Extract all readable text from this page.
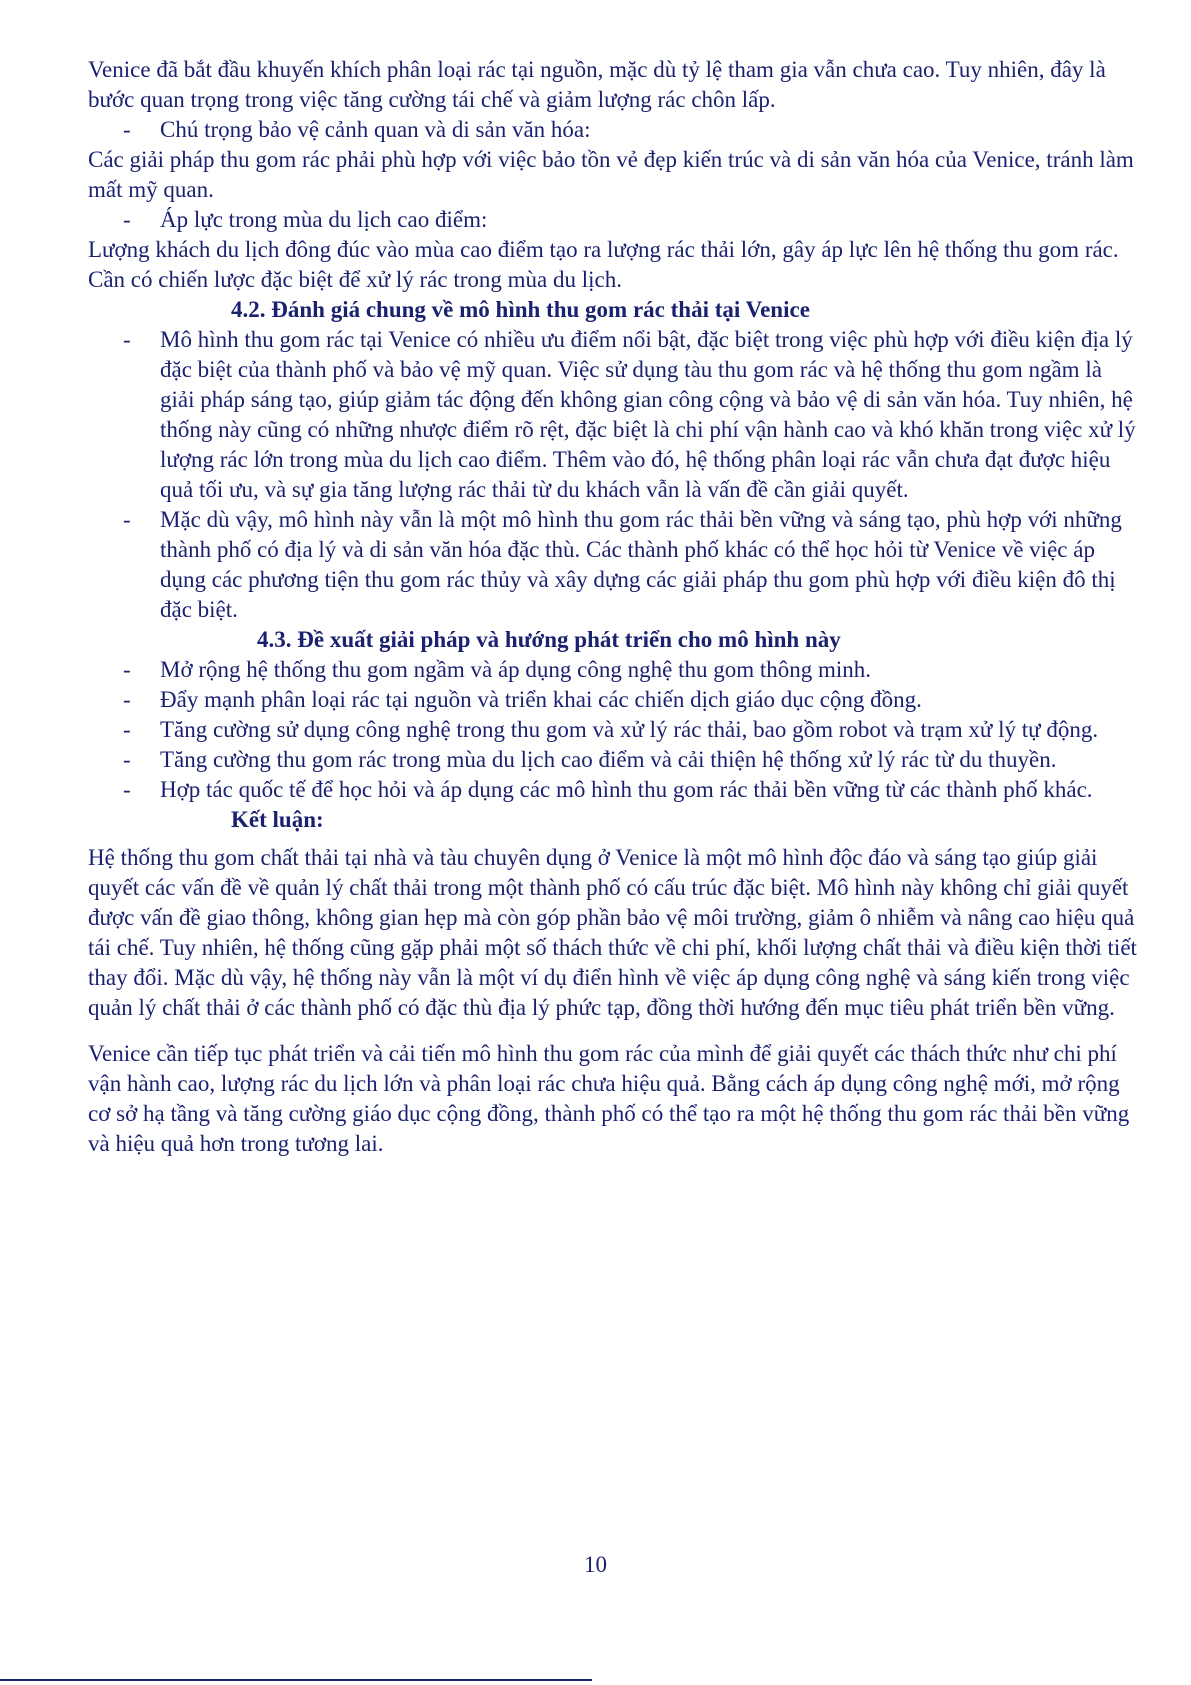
Venice đã bắt đầu khuyến khích phân loại rác tại nguồn, mặc dù tỷ lệ tham gia vẫn chưa cao. Tuy nhiên, đây là bước quan trọng trong việc tăng cường tái chế và giảm lượng rác chôn lấp.

- Chú trọng bảo vệ cảnh quan và di sản văn hóa:

Các giải pháp thu gom rác phải phù hợp với việc bảo tồn vẻ đẹp kiến trúc và di sản văn hóa của Venice, tránh làm mất mỹ quan.

- Áp lực trong mùa du lịch cao điểm:

Lượng khách du lịch đông đúc vào mùa cao điểm tạo ra lượng rác thải lớn, gây áp lực lên hệ thống thu gom rác. Cần có chiến lược đặc biệt để xử lý rác trong mùa du lịch.

4.2. Đánh giá chung về mô hình thu gom rác thải tại Venice
- Mô hình thu gom rác tại Venice có nhiều ưu điểm nổi bật, đặc biệt trong việc phù hợp với điều kiện địa lý đặc biệt của thành phố và bảo vệ mỹ quan. Việc sử dụng tàu thu gom rác và hệ thống thu gom ngầm là giải pháp sáng tạo, giúp giảm tác động đến không gian công cộng và bảo vệ di sản văn hóa. Tuy nhiên, hệ thống này cũng có những nhược điểm rõ rệt, đặc biệt là chi phí vận hành cao và khó khăn trong việc xử lý lượng rác lớn trong mùa du lịch cao điểm. Thêm vào đó, hệ thống phân loại rác vẫn chưa đạt được hiệu quả tối ưu, và sự gia tăng lượng rác thải từ du khách vẫn là vấn đề cần giải quyết.
- Mặc dù vậy, mô hình này vẫn là một mô hình thu gom rác thải bền vững và sáng tạo, phù hợp với những thành phố có địa lý và di sản văn hóa đặc thù. Các thành phố khác có thể học hỏi từ Venice về việc áp dụng các phương tiện thu gom rác thủy và xây dựng các giải pháp thu gom phù hợp với điều kiện đô thị đặc biệt.
4.3. Đề xuất giải pháp và hướng phát triển cho mô hình này
- Mở rộng hệ thống thu gom ngầm và áp dụng công nghệ thu gom thông minh.
- Đẩy mạnh phân loại rác tại nguồn và triển khai các chiến dịch giáo dục cộng đồng.
- Tăng cường sử dụng công nghệ trong thu gom và xử lý rác thải, bao gồm robot và trạm xử lý tự động.
- Tăng cường thu gom rác trong mùa du lịch cao điểm và cải thiện hệ thống xử lý rác từ du thuyền.
- Hợp tác quốc tế để học hỏi và áp dụng các mô hình thu gom rác thải bền vững từ các thành phố khác.
Kết luận:

Hệ thống thu gom chất thải tại nhà và tàu chuyên dụng ở Venice là một mô hình độc đáo và sáng tạo giúp giải quyết các vấn đề về quản lý chất thải trong một thành phố có cấu trúc đặc biệt. Mô hình này không chỉ giải quyết được vấn đề giao thông, không gian hẹp mà còn góp phần bảo vệ môi trường, giảm ô nhiễm và nâng cao hiệu quả tái chế. Tuy nhiên, hệ thống cũng gặp phải một số thách thức về chi phí, khối lượng chất thải và điều kiện thời tiết thay đổi. Mặc dù vậy, hệ thống này vẫn là một ví dụ điển hình về việc áp dụng công nghệ và sáng kiến trong việc quản lý chất thải ở các thành phố có đặc thù địa lý phức tạp, đồng thời hướng đến mục tiêu phát triển bền vững.

Venice cần tiếp tục phát triển và cải tiến mô hình thu gom rác của mình để giải quyết các thách thức như chi phí vận hành cao, lượng rác du lịch lớn và phân loại rác chưa hiệu quả. Bằng cách áp dụng công nghệ mới, mở rộng cơ sở hạ tầng và tăng cường giáo dục cộng đồng, thành phố có thể tạo ra một hệ thống thu gom rác thải bền vững và hiệu quả hơn trong tương lai.

10
